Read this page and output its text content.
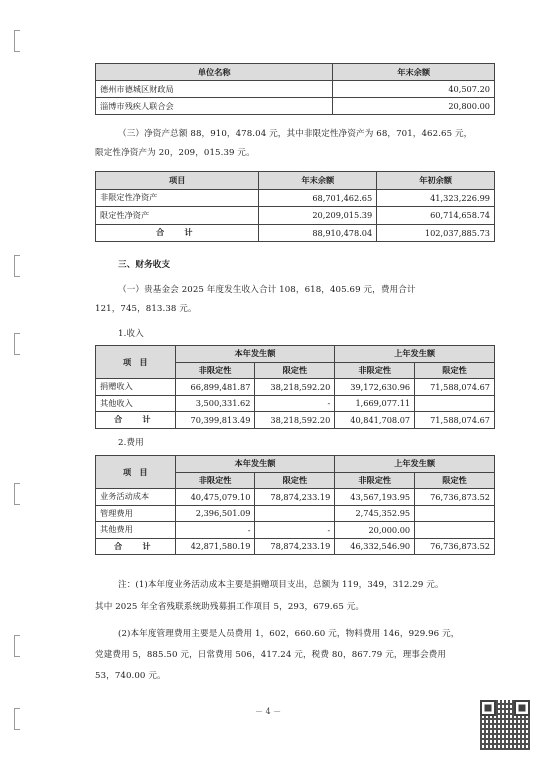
单位名称	年末余额
德州市德城区财政局	40,507.20
淄博市残疾人联合会	20,800.00
（三）净资产总额 88，910，478.04 元，其中非限定性净资产为 68，701，462.65 元，
限定性净资产为 20，209，015.39 元。
项目	年末余额	年初余额
非限定性净资产	68,701,462.65	41,323,226.99
限定性净资产	20,209,015.39	60,714,658.74
合　计	88,910,478.04	102,037,885.73
三、财务收支
（一）贵基金会 2025 年度发生收入合计 108，618，405.69 元，费用合计
121，745，813.38 元。
1.收入
项　目	本年发生额		上年发生额	
	非限定性	限定性	非限定性	限定性
捐赠收入	66,899,481.87	38,218,592.20	39,172,630.96	71,588,074.67
其他收入	3,500,331.62	-	1,669,077.11	
合　计	70,399,813.49	38,218,592.20	40,841,708.07	71,588,074.67
2.费用
项　目	本年发生额		上年发生额	
	非限定性	限定性	非限定性	限定性
业务活动成本	40,475,079.10	78,874,233.19	43,567,193.95	76,736,873.52
管理费用	2,396,501.09		2,745,352.95	
其他费用	-	-	20,000.00	
合　计	42,871,580.19	78,874,233.19	46,332,546.90	76,736,873.52
注：(1)本年度业务活动成本主要是捐赠项目支出，总额为 119，349，312.29 元。
其中 2025 年全省残联系统助残募捐工作项目 5，293，679.65 元。
(2)本年度管理费用主要是人员费用 1，602，660.60 元，物料费用 146，929.96 元，
党建费用 5，885.50 元，日常费用 506，417.24 元，税费 80，867.79 元，理事会费用
53，740.00 元。
－ 4 －
